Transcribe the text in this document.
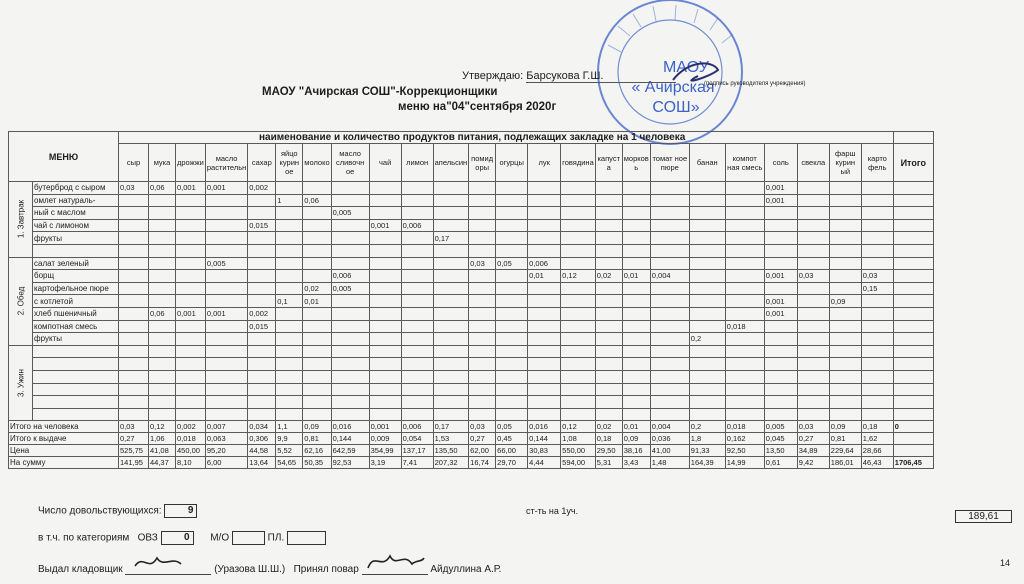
МАОУ
« Ачирская
СОШ»
Утверждаю: Барсукова Г.Ш.
(подпись руководителя учреждения)
МАОУ "Ачирская СОШ"-Коррекционщики
меню на"04"сентября 2020г
МЕНЮ		наименование и количество продуктов питания, подлежащих закладке на 1 человека																								
		сыр	мука	дрожжи	масло растительн	сахар	яйцо курин ое	молоко	масло сливочн ое	чай	лимон	апельсин	помид оры	огурцы	лук	говядина	капуст а	морков ь	томат ное пюре	банан	компот ная смесь	соль	свекла	фарш курин ый	карто фель	Итого

1. Завтрак	бутерброд с сыром	0,03	0,06	0,001	0,001	0,002																0,001				
	омлет натураль-						1	0,06														0,001				
	ный с маслом								0,005																	
	чай с лимоном					0,015				0,001	0,006															
	фрукты											0,17														

2. Обед	салат зеленый				0,005								0,03	0,05	0,006											
	борщ								0,006						0,01	0,12	0,02	0,01	0,004			0,001	0,03		0,03	
	картофельное пюре							0,02	0,005																0,15	
	с котлетой						0,1	0,01														0,001		0,09		
	хлеб пшеничный		0,06	0,001	0,001	0,002																0,001				
	компотная смесь					0,015															0,018					
	фрукты																			0,2						

3. Ужин																										

Итого на человека		0,03	0,12	0,002	0,007	0,034	1,1	0,09	0,016	0,001	0,006	0,17	0,03	0,05	0,016	0,12	0,02	0,01	0,004	0,2	0,018	0,005	0,03	0,09	0,18	0
Итого к выдаче		0,27	1,06	0,018	0,063	0,306	9,9	0,81	0,144	0,009	0,054	1,53	0,27	0,45	0,144	1,08	0,18	0,09	0,036	1,8	0,162	0,045	0,27	0,81	1,62	
Цена		525,75	41,08	450,00	95,20	44,58	5,52	62,16	642,59	354,99	137,17	135,50	62,00	66,00	30,83	550,00	29,50	38,16	41,00	91,33	92,50	13,50	34,89	229,64	28,66	
На сумму		141,95	44,37	8,10	6,00	13,64	54,65	50,35	92,53	3,19	7,41	207,32	16,74	29,70	4,44	594,00	5,31	3,43	1,48	164,39	14,99	0,61	9,42	186,01	46,43	1706,45
Число довольствующихся:	9	ст-ть на 1уч.	189,61
в т.ч. по категориям ОВЗ	0 М/О	ПЛ.
Выдал кладовщик	(Уразова Ш.Ш.) Принял повар	Айдуллина А.Р.
14
